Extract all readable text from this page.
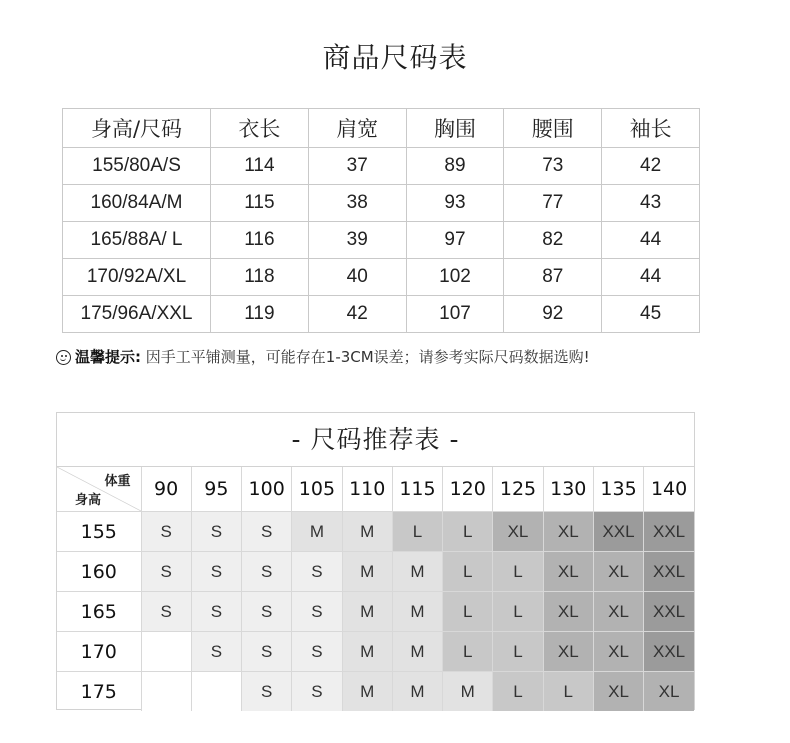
商品尺码表
身高/尺码	衣长	肩宽	胸围	腰围	袖长
155/80A/S	114	37	89	73	42
160/84A/M	115	38	93	77	43
165/88A/ L	116	39	97	82	44
170/92A/XL	118	40	102	87	44
175/96A/XXL	119	42	107	92	45
温馨提示: 因手工平铺测量，可能存在1-3CM误差；请参考实际尺码数据选购!
- 尺码推荐表 -
体重
身高	90	95	100	105	110	115	120	125	130	135	140
155	S	S	S	M	M	L	L	XL	XL	XXL	XXL
160	S	S	S	S	M	M	L	L	XL	XL	XXL
165	S	S	S	S	M	M	L	L	XL	XL	XXL
170		S	S	S	M	M	L	L	XL	XL	XXL
175			S	S	M	M	M	L	L	XL	XL
